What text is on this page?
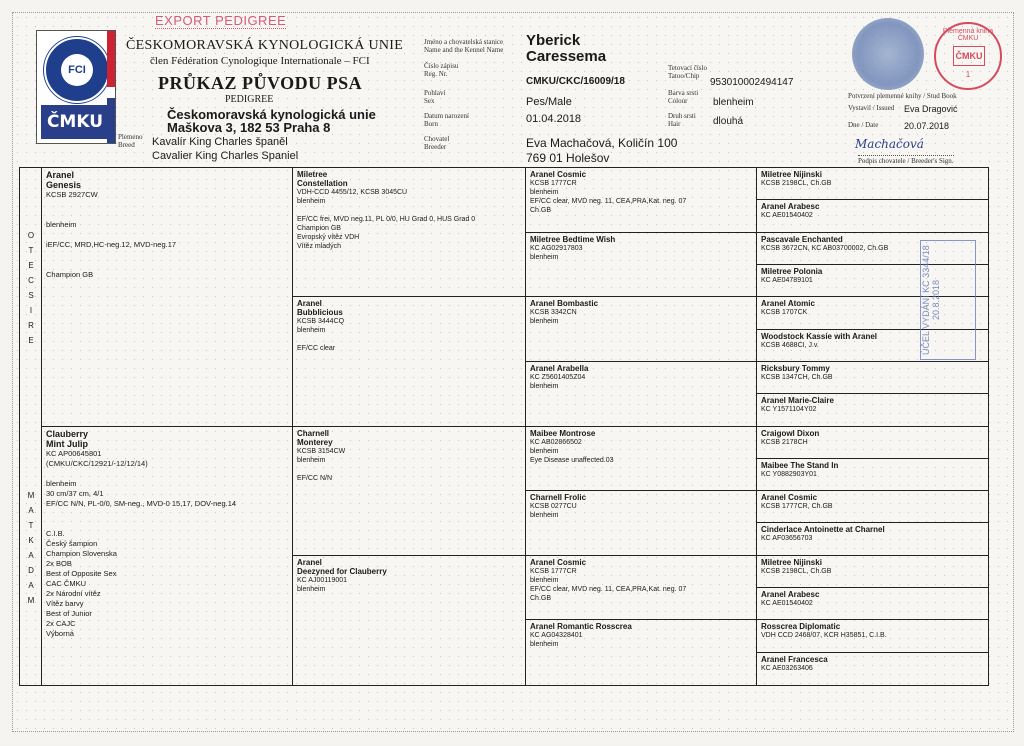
EXPORT PEDIGREE
FCI
ČMKU
ČESKOMORAVSKÁ KYNOLOGICKÁ UNIE
člen Fédération Cynologique Internationale – FCI
PRŮKAZ PŮVODU PSA
PEDIGREE
Českomoravská kynologická unie
Maškova 3, 182 53 Praha 8
Plemeno
Breed	Kavalír King Charles španěl
Cavalier King Charles Spaniel
Jméno a chovatelská stanice
Name and the Kennel Name
Číslo zápisu
Reg. Nr.
Pohlaví
Sex
Datum narození
Born
Chovatel
Breeder
Yberick
Caressema
CMKU/CKC/16009/18
Pes/Male
01.04.2018
Eva Machačová, Količín 100
769 01 Holešov
Tetovací číslo
Tatoo/Chip
Barva srsti
Colour
Druh srsti
Hair
953010002494147
blenheim
dlouhá
Potvrzení plemenné knihy / Stud Book
Vystavil / Issued
Dne / Date
Eva Dragović
20.07.2018
Machačová
Podpis chovatele / Breeder's Sign.
Plemenná kniha ČMKU
ČMKU
1
O
T
E
C
S
I
R
E
M
A
T
K
A
D
A
M
Aranel
Genesis
KCSB 2927CW

blenheim

iEF/CC, MRD,HC-neg.12, MVD-neg.17

Champion GB
Clauberry
Mint Julip
KC AP00645801
(CMKU/CKC/12921/-12/12/14)

blenheim
30 cm/37 cm, 4/1
EF/CC N/N, PL-0/0, SM-neg., MVD-0 15,17, DOV-neg.14

C.I.B.
Český šampion
Champion Slovenska
2x BOB
Best of Opposite Sex
CAC ČMKU
2x Národní vítěz
Vítěz barvy
Best of Junior
2x CAJC
Výborná
Miletree
Constellation
VDH-CCD 4455/12, KCSB 3045CU
blenheim

EF/CC frei, MVD neg.11, PL 0/0, HU Grad 0, HUS Grad 0
Champion GB
Evropský vítěz VDH
Vítěz mladých
Aranel
Bubblicious
KCSB 3444CQ
blenheim

EF/CC clear
Charnell
Monterey
KCSB 3154CW
blenheim

EF/CC N/N
Aranel
Deezyned for Clauberry
KC AJ00119001
blenheim
Aranel Cosmic
KCSB 1777CR
blenheim
EF/CC clear, MVD neg. 11, CEA,PRA,Kat. neg. 07
Ch.GB
Miletree Bedtime Wish
KC AG02917803
blenheim
Aranel Bombastic
KCSB 3342CN
blenheim
Aranel Arabella
KC Z5601405Z04
blenheim
Maibee Montrose
KC AB02866502
blenheim
Eye Disease unaffected.03
Charnell Frolic
KCSB 0277CU
blenheim
Aranel Cosmic
KCSB 1777CR
blenheim
EF/CC clear, MVD neg. 11, CEA,PRA,Kat. neg. 07
Ch.GB
Aranel Romantic Rosscrea
KC AG04328401
blenheim
Miletree Nijinski
KCSB 2198CL, Ch.GB
Aranel Arabesc
KC AE01540402
Pascavale Enchanted
KCSB 3672CN, KC AB03700002, Ch.GB
Miletree Polonia
KC AE04789101
Aranel Atomic
KCSB 1707CK
Woodstock Kassie with Aranel
KCSB 4688CI, J.v.
Ricksbury Tommy
KCSB 1347CH, Ch.GB
Aranel Marie-Claire
KC Y1571104Y02
Craigowl Dixon
KCSB 2178CH
Maibee The Stand In
KC Y0882903Y01
Aranel Cosmic
KCSB 1777CR, Ch.GB
Cinderlace Antoinette at Charnel
KC AF03656703
Miletree Nijinski
KCSB 2198CL, Ch.GB
Aranel Arabesc
KC AE01540402
Rosscrea Diplomatic
VDH CCD 2468/07, KCR H35851, C.I.B.
Aranel Francesca
KC AE03263406
ÚČEL VYDÁNÍ KC 3344/18 20.8.2018
